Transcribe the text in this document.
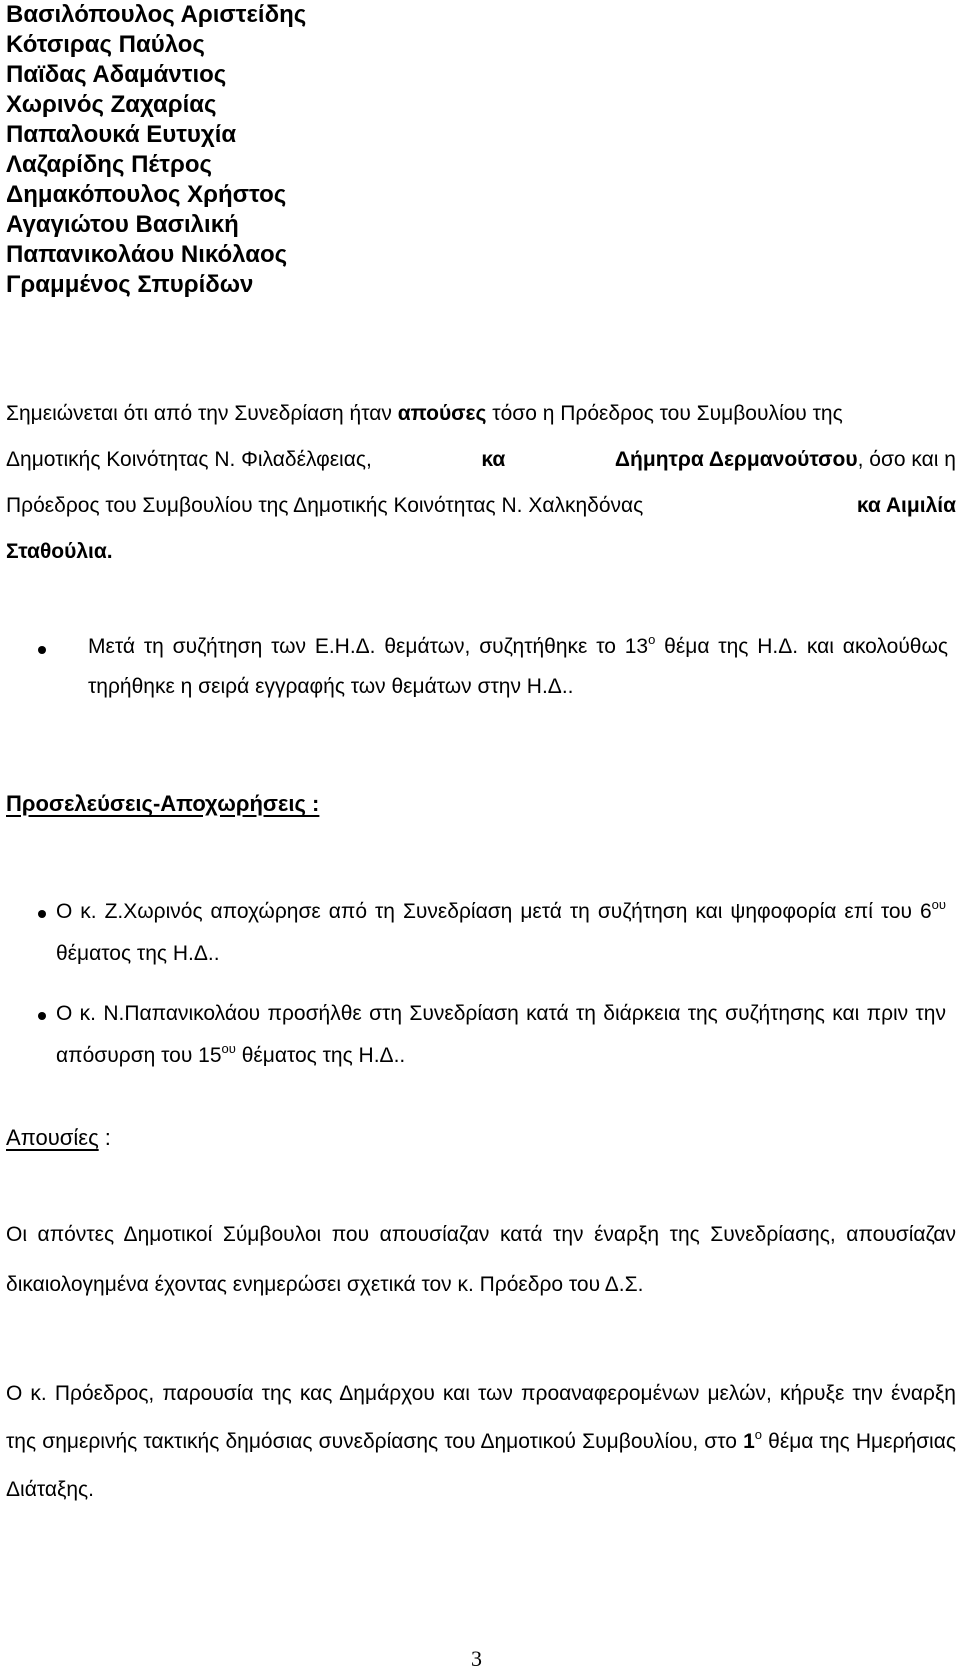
Βασιλόπουλος Αριστείδης
Κότσιρας Παύλος
Παϊδας Αδαμάντιος
Χωρινός Ζαχαρίας
Παπαλουκά Ευτυχία
Λαζαρίδης Πέτρος
Δημακόπουλος Χρήστος
Αγαγιώτου Βασιλική
Παπανικολάου Νικόλαος
Γραμμένος Σπυρίδων
Σημειώνεται ότι από την Συνεδρίαση ήταν απούσες τόσο η Πρόεδρος του Συμβουλίου της
Δημοτικής Κοινότητας Ν. Φιλαδέλφειας,	κα	Δήμητρα Δερμανούτσου, όσο και η
Πρόεδρος του Συμβουλίου της Δημοτικής Κοινότητας Ν. Χαλκηδόνας	κα Αιμιλία
Σταθούλια.
Μετά τη συζήτηση των Ε.Η.Δ. θεμάτων, συζητήθηκε το $13^o$ θέμα της Η.Δ. και ακολούθως τηρήθηκε η σειρά εγγραφής των θεμάτων στην Η.Δ..
Προσελεύσεις-Αποχωρήσεις :
Ο κ. Ζ.Χωρινός αποχώρησε από τη Συνεδρίαση μετά τη συζήτηση και ψηφοφορία επί του $6^{o\upsilon}$ θέματος της Η.Δ..
Ο κ. Ν.Παπανικολάου προσήλθε στη Συνεδρίαση κατά τη διάρκεια της συζήτησης και πριν την απόσυρση του $15^{o\upsilon}$ θέματος της Η.Δ..
Απουσίες :
Οι απόντες Δημοτικοί Σύμβουλοι που απουσίαζαν κατά την έναρξη της Συνεδρίασης, απουσίαζαν δικαιολογημένα έχοντας ενημερώσει σχετικά τον κ. Πρόεδρο του Δ.Σ.
Ο κ. Πρόεδρος, παρουσία της κας Δημάρχου και των προαναφερομένων μελών, κήρυξε την έναρξη της σημερινής τακτικής δημόσιας συνεδρίασης του Δημοτικού Συμβουλίου, στο $1^o$ θέμα της Ημερήσιας Διάταξης.
3
